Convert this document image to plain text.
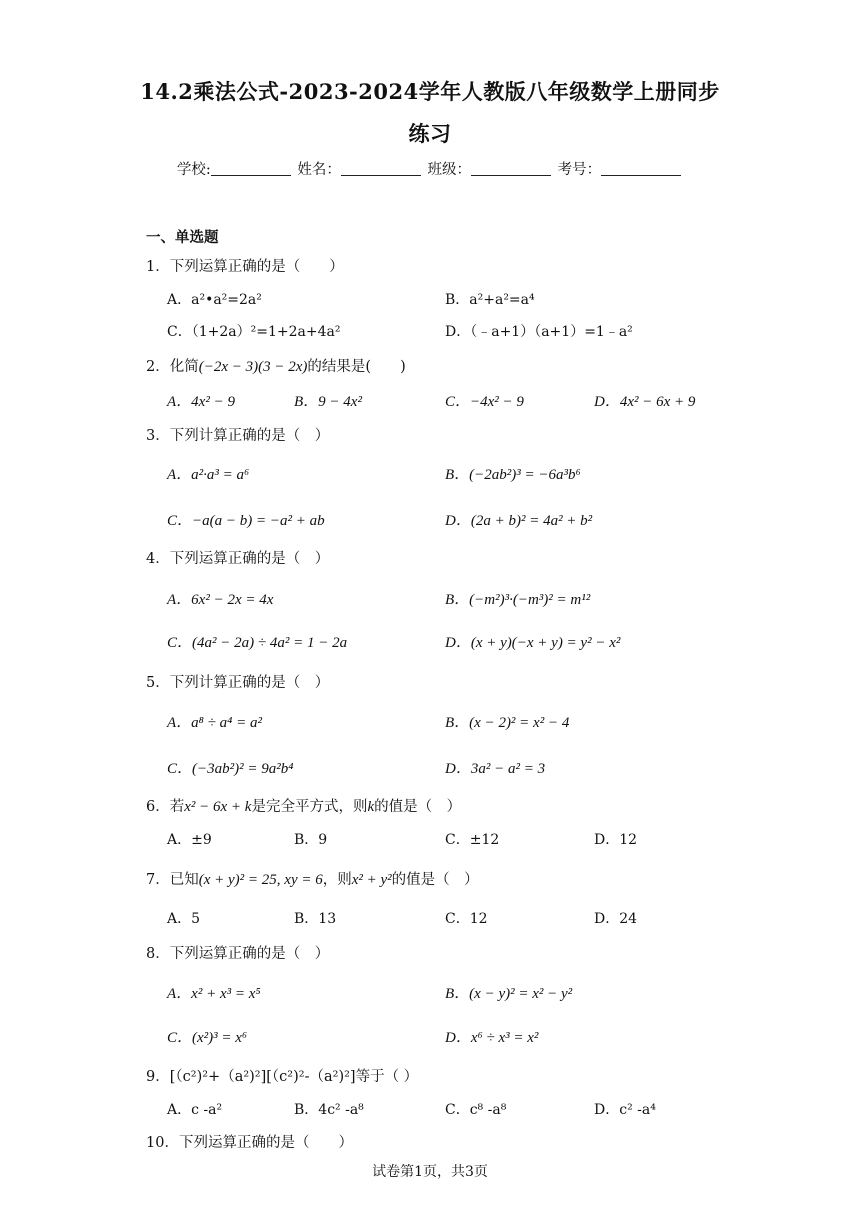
14.2乘法公式-2023-2024学年人教版八年级数学上册同步
练习
学校:	姓名：	班级：	考号：
一、单选题
1．下列运算正确的是（　　）
A．a²•a²=2a²	B．a²+a²=a⁴
C．（1+2a）²=1+2a+4a²	D．（﹣a+1）（a+1）=1﹣a²
2．化简(−2x − 3)(3 − 2x)的结果是(　　)
A．4x² − 9	B．9 − 4x²	C．−4x² − 9	D．4x² − 6x + 9
3．下列计算正确的是（　）
A．a²·a³ = a⁶	B．(−2ab²)³ = −6a³b⁶
C．−a(a − b) = −a² + ab	D．(2a + b)² = 4a² + b²
4．下列运算正确的是（　）
A．6x² − 2x = 4x	B．(−m²)³·(−m³)² = m¹²
C．(4a² − 2a) ÷ 4a² = 1 − 2a	D．(x + y)(−x + y) = y² − x²
5．下列计算正确的是（　）
A．a⁸ ÷ a⁴ = a²	B．(x − 2)² = x² − 4
C．(−3ab²)² = 9a²b⁴	D．3a² − a² = 3
6．若x² − 6x + k是完全平方式，则k的值是（　）
A．±9	B．9	C．±12	D．12
7．已知(x + y)² = 25, xy = 6，则x² + y²的值是（　）
A．5	B．13	C．12	D．24
8．下列运算正确的是（　）
A．x² + x³ = x⁵	B．(x − y)² = x² − y²
C．(x²)³ = x⁶	D．x⁶ ÷ x³ = x²
9．[（c²)²+（a²)²][（c²)²-（a²)²]等于（ ）
A．c -a²	B．4c² -a⁸	C．c⁸ -a⁸	D．c² -a⁴
10．下列运算正确的是（　　）
试卷第1页，共3页
